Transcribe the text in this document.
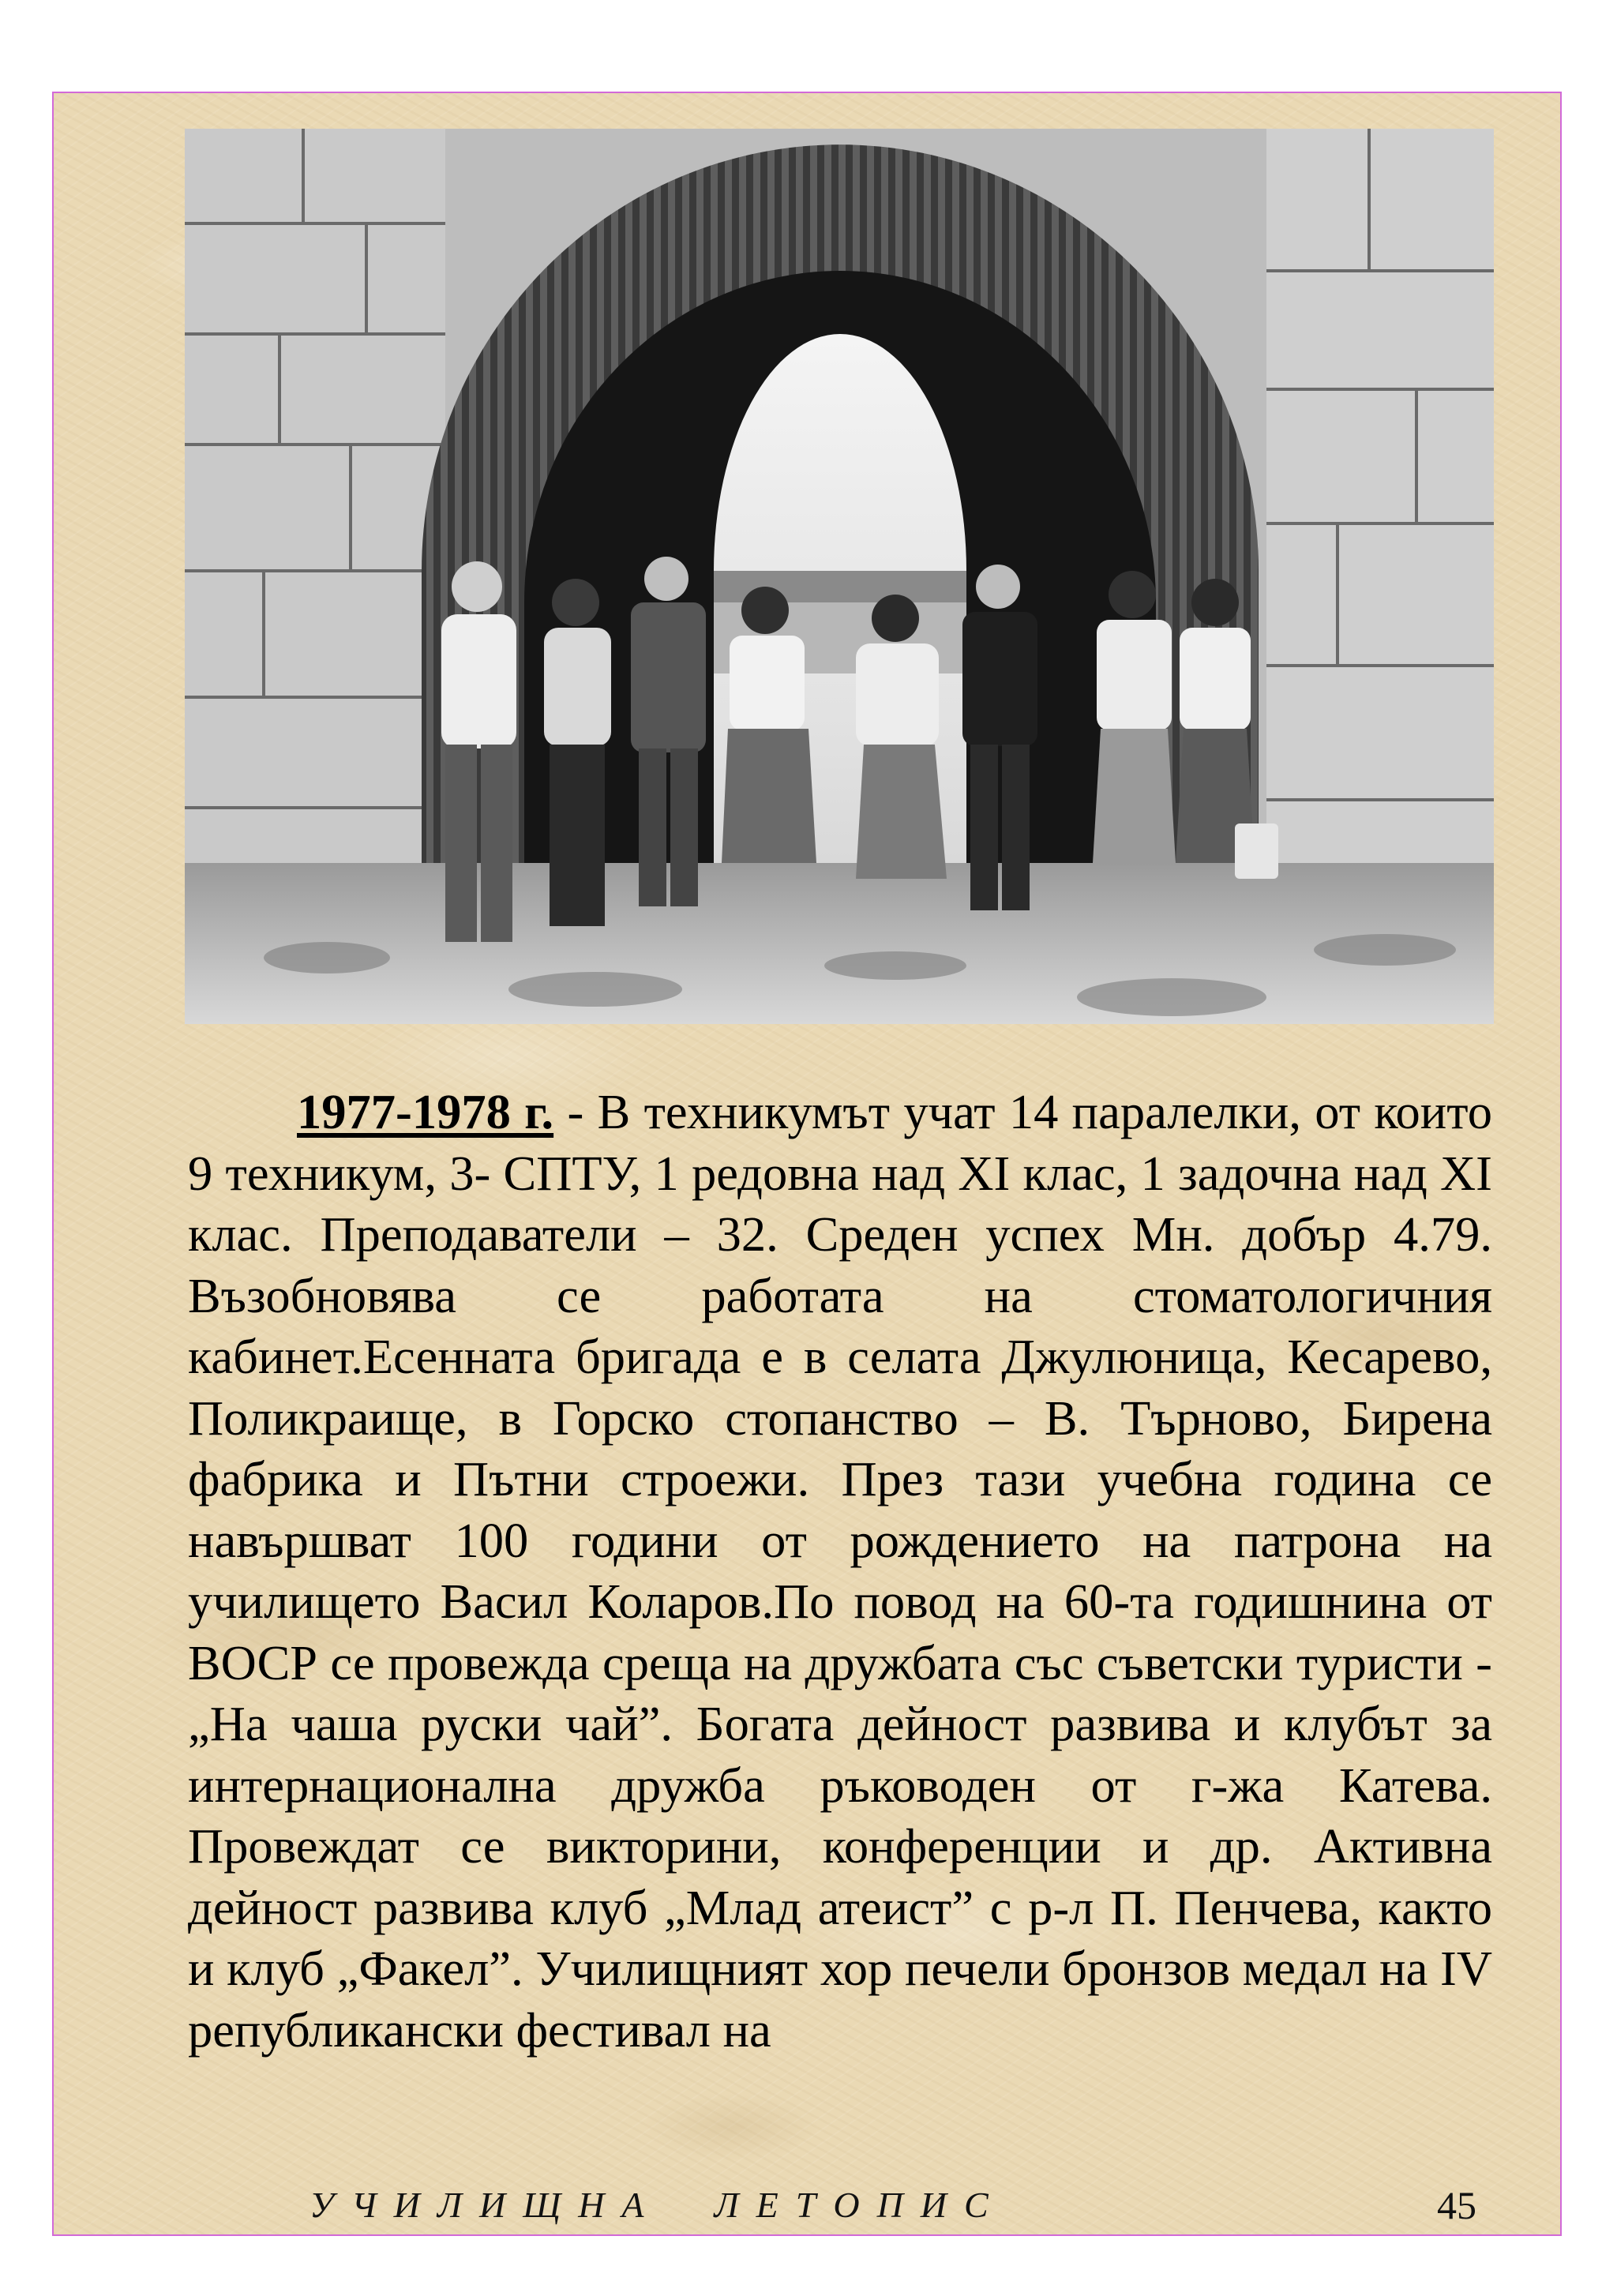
1977-1978 г. - В техникумът учат 14 паралелки, от които 9 техникум, 3- СПТУ, 1 редовна над XI клас, 1 задочна над XI клас. Преподаватели – 32. Среден успех Мн. добър 4.79. Възобновява се работата на стоматологичния кабинет.Есенната бригада е в селата Джулюница, Кесарево, Поликраище, в Горско стопанство – В. Търново, Бирена фабрика и Пътни строежи. През тази учебна година се навършват 100 години от рождението на патрона на училището Васил Коларов.По повод на 60-та годишнина от ВОСР се провежда среща на дружбата със съветски туристи - „На чаша руски чай”. Богата дейност развива и клубът за интернационална дружба ръководен от г-жа Катева. Провеждат се викторини, конференции и др. Активна дейност развива клуб „Млад атеист” с р-л П. Пенчева, както и клуб „Факел”. Училищният хор печели бронзов медал на IV републикански фестивал на

УЧИЛИЩНА  ЛЕТОПИС	45
